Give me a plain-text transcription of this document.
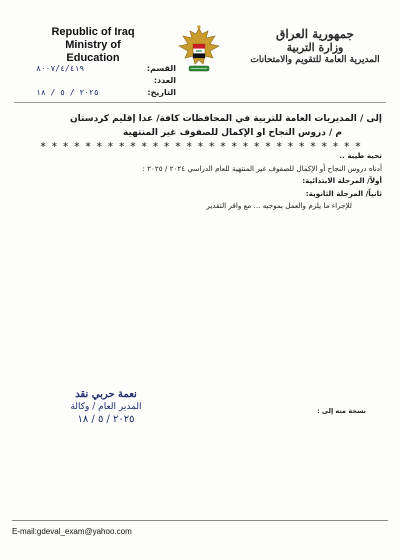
Republic of Iraq
Ministry of Education
جمهورية العراق
وزارة التربية
المديرية العامة للتقويم والامتحانات
القسم:
٨٠٠٧/٤/٤١٩
العدد:
التاريخ:
٢٠٢٥ / ٥ / ١٨

إلى / المديريات العامة للتربية في المحافظات كافة/ عدا إقليم كردستان

م / دروس النجاح او الإكمال للصفوف غير المنتهية

∗ ∗ ∗ ∗ ∗ ∗ ∗ ∗ ∗ ∗ ∗ ∗ ∗ ∗ ∗ ∗ ∗ ∗ ∗ ∗ ∗ ∗ ∗ ∗ ∗ ∗ ∗ ∗ ∗

تحية طيبة ..

أدناه دروس النجاح أو الإكمال للصفوف غير المنتهية للعام الدراسي ٢٠٢٤ / ٢٠٢٥ :

أولاً/ المرحلة الابتدائية:

ثانياً/ المرحلة الثانوية:

للإجراء ما يلزم والعمل بموجبه ... مع وافر التقدير

نعمة حربي نقد
المدير العام / وكالة
٢٠٢٥ / ٥ / ١٨
نسخة منه إلى :
E-mail:gdeval_exam@yahoo.com
